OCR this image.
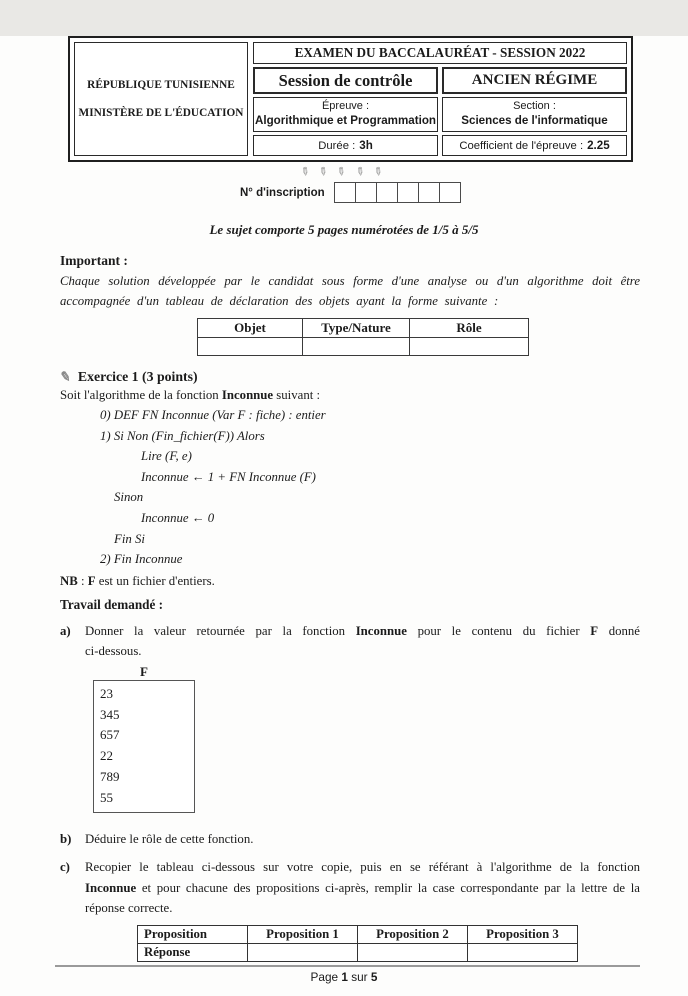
RÉPUBLIQUE TUNISIENNE
MINISTÈRE DE L'ÉDUCATION
EXAMEN DU BACCALAURÉAT - SESSION 2022
Session de contrôle	ANCIEN RÉGIME
Épreuve :
Algorithmique et Programmation
Section :
Sciences de l'informatique
Durée : 3h	Coefficient de l'épreuve : 2.25
✎ ✎ ✎ ✎ ✎
N° d'inscription
Le sujet comporte 5 pages numérotées de 1/5 à 5/5
Important :
Chaque solution développée par le candidat sous forme d'une analyse ou d'un algorithme doit être
accompagnée d'un tableau de déclaration des objets ayant la forme suivante :
Objet	Type/Nature	Rôle

✎ Exercice 1 (3 points)
Soit l'algorithme de la fonction Inconnue suivant :
0) DEF FN Inconnue (Var F : fiche) : entier
1) Si Non (Fin_fichier(F)) Alors
Lire (F, e)
Inconnue ← 1 + FN Inconnue (F)
Sinon
Inconnue ← 0
Fin Si
2) Fin Inconnue
NB : F est un fichier d'entiers.
Travail demandé :
a)	Donner la valeur retournée par la fonction Inconnue pour le contenu du fichier F donné
ci-dessous.
F
23
345
657
22
789
55
b)	Déduire le rôle de cette fonction.
c)	Recopier le tableau ci-dessous sur votre copie, puis en se référant à l'algorithme de la fonction
Inconnue et pour chacune des propositions ci-après, remplir la case correspondante par la lettre de la
réponse correcte.
Proposition	Proposition 1	Proposition 2	Proposition 3
Réponse			
Page 1 sur 5
